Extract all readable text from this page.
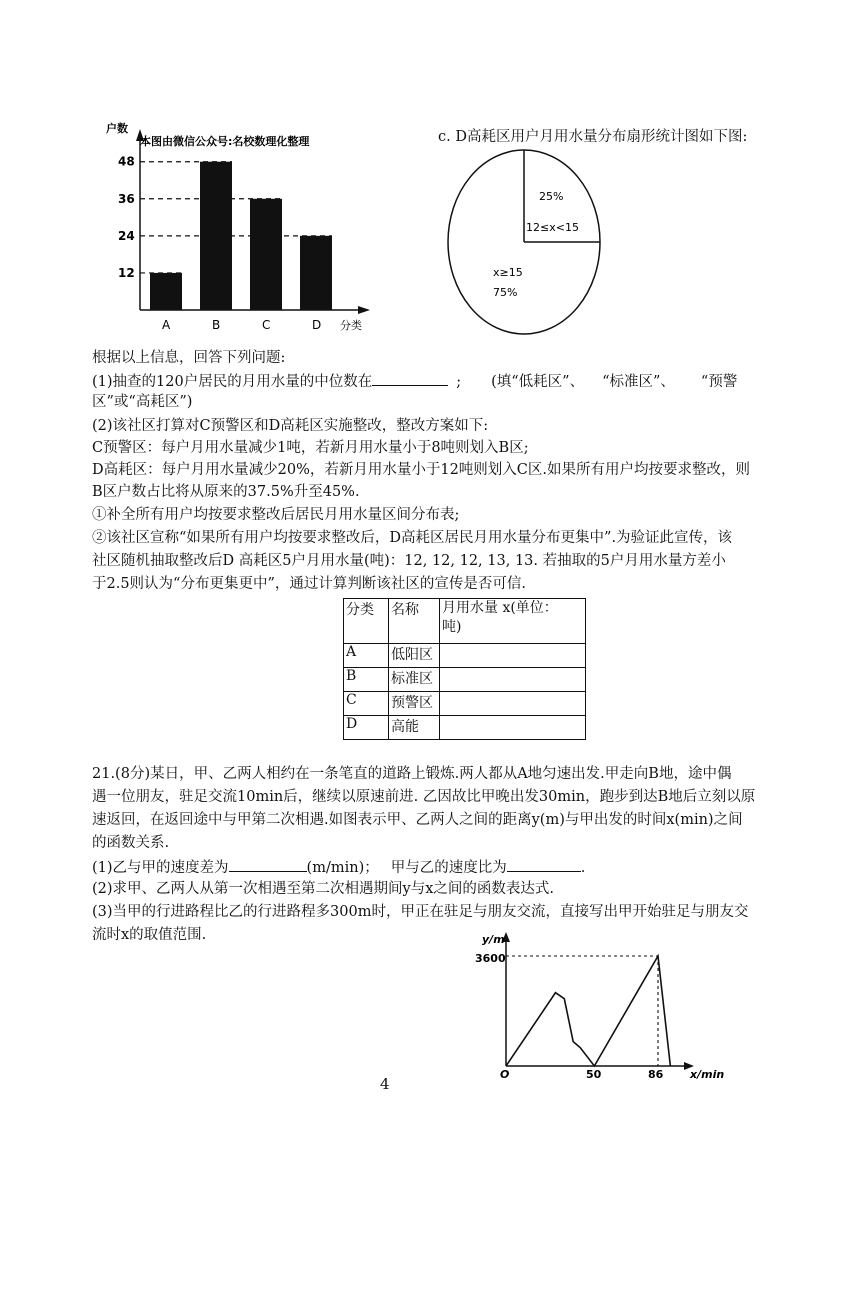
户数
本图由微信公众号:名校数理化整理
分类
12
24
36
48
A	B	C	D
c. D高耗区用户月用水量分布扇形统计图如下图:
25%
12≤x<15
x≥15
75%
根据以上信息，回答下列问题:
(1)抽查的120户居民的月用水量的中位数在	; (填“低耗区”、 “标准区”、 “预警
区”或“高耗区”)
(2)该社区打算对C预警区和D高耗区实施整改，整改方案如下:
C预警区：每户月用水量减少1吨，若新月用水量小于8吨则划入B区;
D高耗区：每户月用水量减少20%，若新月用水量小于12吨则划入C区.如果所有用户均按要求整改，则
B区户数占比将从原来的37.5%升至45%.
①补全所有用户均按要求整改后居民月用水量区间分布表;
②该社区宣称“如果所有用户均按要求整改后，D高耗区居民月用水量分布更集中”.为验证此宣传，该
社区随机抽取整改后D 高耗区5户月用水量(吨)：12, 12, 12, 13, 13. 若抽取的5户月用水量方差小
于2.5则认为“分布更集更中”，通过计算判断该社区的宣传是否可信.
分类	名称	月用水量 x(单位：
吨)

A	低阳区	
B	标准区	
C	预警区	
D	高能	
21.(8分)某日，甲、乙两人相约在一条笔直的道路上锻炼.两人都从A地匀速出发.甲走向B地，途中偶
遇一位朋友，驻足交流10min后，继续以原速前进. 乙因故比甲晚出发30min，跑步到达B地后立刻以原
速返回，在返回途中与甲第二次相遇.如图表示甲、乙两人之间的距离y(m)与甲出发的时间x(min)之间
的函数关系.
(1)乙与甲的速度差为	(m/min)； 甲与乙的速度比为	.
(2)求甲、乙两人从第一次相遇至第二次相遇期间y与x之间的函数表达式.
(3)当甲的行进路程比乙的行进路程多300m时，甲正在驻足与朋友交流，直接写出甲开始驻足与朋友交
流时x的取值范围.	y/m
x/min
O
3600
50	86
4
